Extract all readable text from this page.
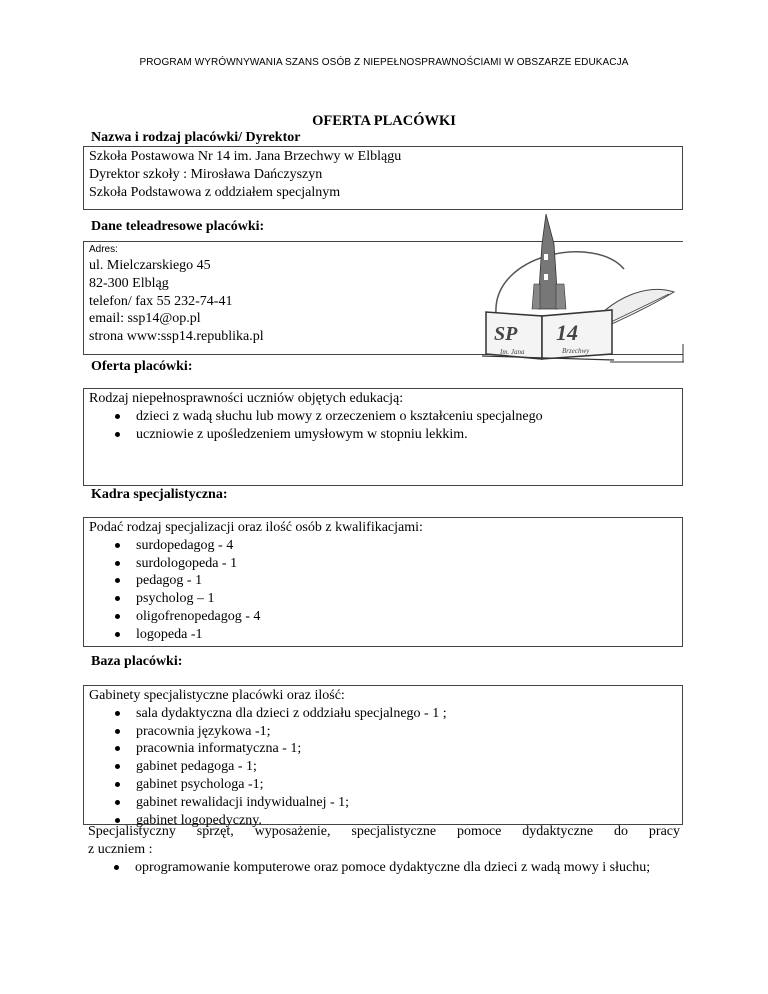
PROGRAM WYRÓWNYWANIA SZANS OSÓB Z NIEPEŁNOSPRAWNOŚCIAMI W OBSZARZE EDUKACJA
OFERTA PLACÓWKI
Nazwa i rodzaj placówki/ Dyrektor

Szkoła Postawowa Nr 14 im. Jana Brzechwy w Elblągu

Dyrektor szkoły : Mirosława Dańczyszyn

Szkoła Podstawowa z oddziałem specjalnym

Dane teleadresowe placówki:

Adres:

ul. Mielczarskiego 45

82-300 Elbląg

telefon/ fax 55 232-74-41

email: ssp14@op.pl

strona www:ssp14.republika.pl	SP 14
Im. Jana	Brzechwy
Oferta placówki:

Rodzaj niepełnosprawności uczniów objętych edukacją:

dzieci z wadą słuchu lub mowy z orzeczeniem o kształceniu specjalnego
uczniowie z upośledzeniem umysłowym w stopniu lekkim.
Kadra specjalistyczna:

Podać rodzaj specjalizacji oraz ilość osób z kwalifikacjami:

surdopedagog - 4
surdologopeda - 1
pedagog - 1
psycholog – 1
oligofrenopedagog - 4
logopeda -1
Baza placówki:

Gabinety specjalistyczne placówki oraz ilość:

sala dydaktyczna dla dzieci z oddziału specjalnego - 1 ;
pracownia językowa -1;
pracownia informatyczna - 1;
gabinet pedagoga - 1;
gabinet psychologa -1;
gabinet rewalidacji indywidualnej - 1;
gabinet logopedyczny.

Specjalistyczny sprzęt, wyposażenie, specjalistyczne pomoce dydaktyczne do pracy

z uczniem :

oprogramowanie komputerowe oraz pomoce dydaktyczne dla dzieci z wadą mowy i słuchu;
